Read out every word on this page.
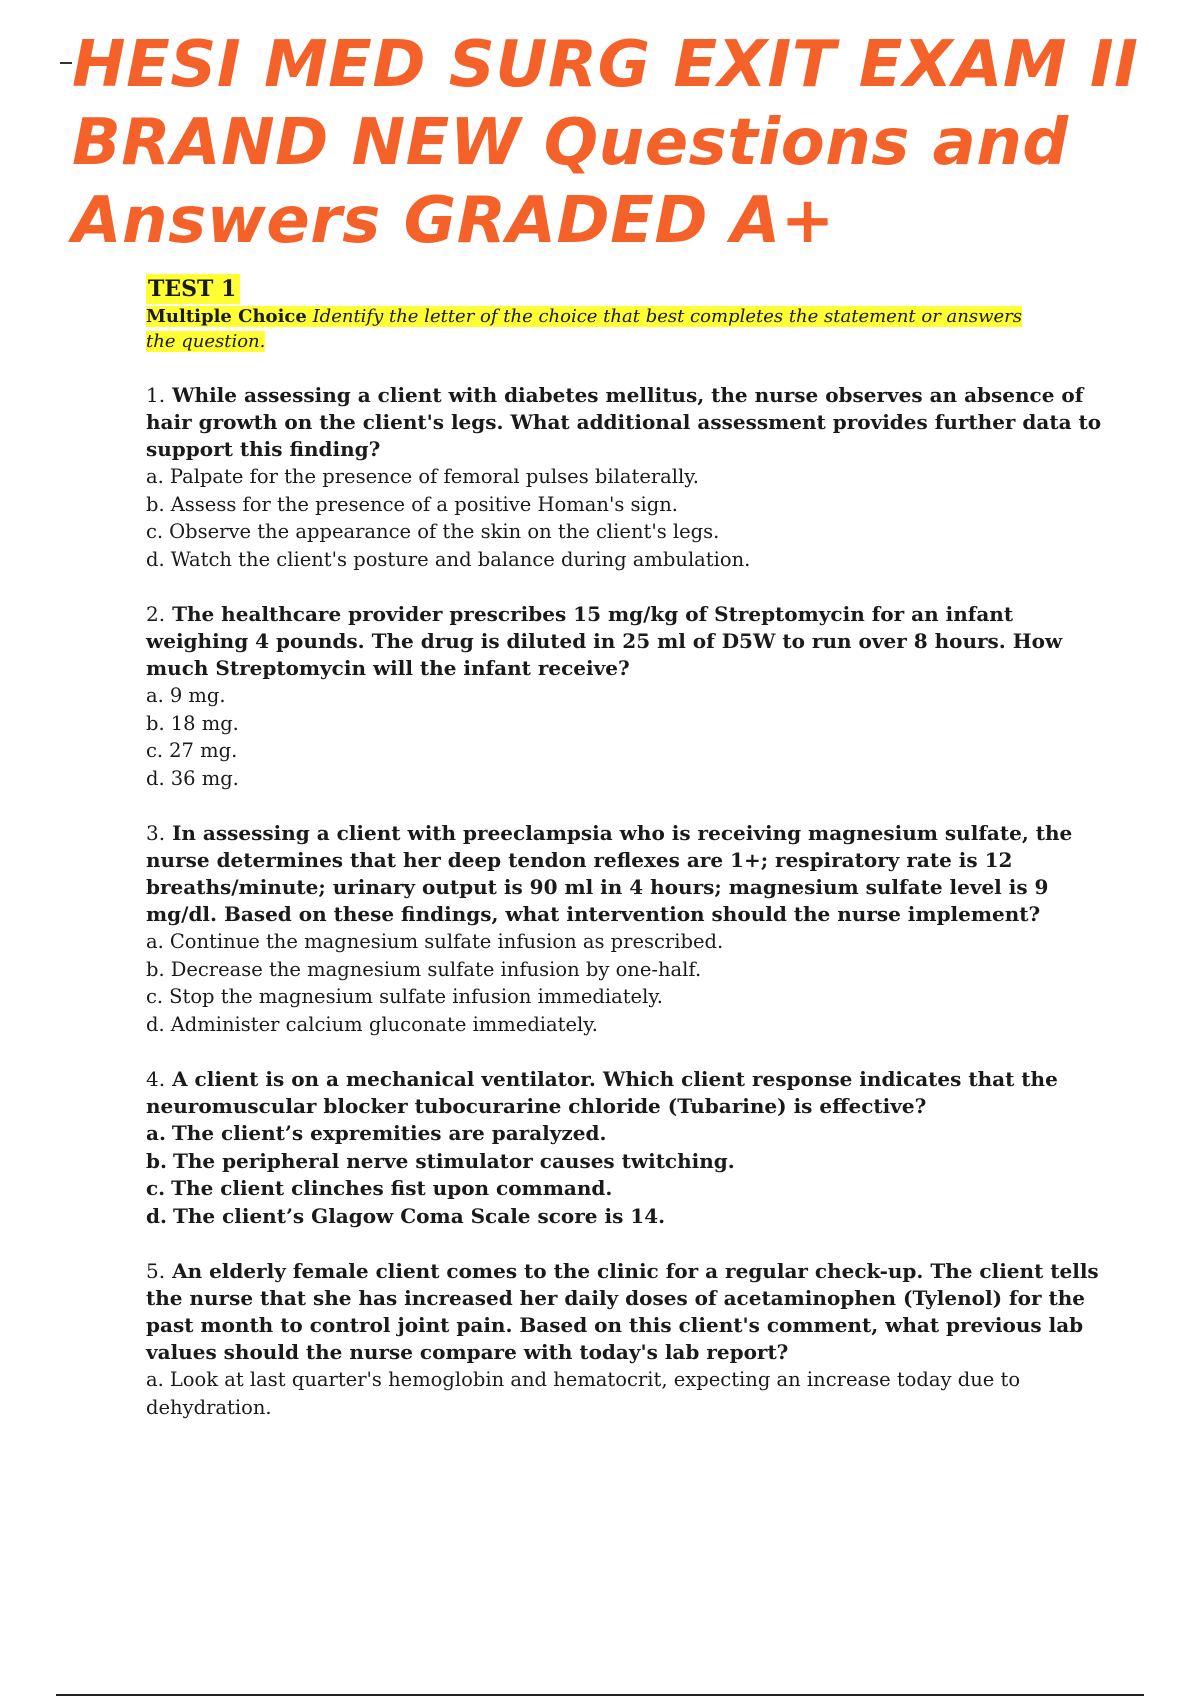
HESI MED SURG EXIT EXAM II
BRAND NEW Questions and
Answers GRADED A+
TEST 1
Multiple Choice Identify the letter of the choice that best completes the statement or answers the question.

1. While assessing a client with diabetes mellitus, the nurse observes an absence of hair growth on the client's legs. What additional assessment provides further data to support this finding?

a. Palpate for the presence of femoral pulses bilaterally.
b. Assess for the presence of a positive Homan's sign.
c. Observe the appearance of the skin on the client's legs.
d. Watch the client's posture and balance during ambulation.

2. The healthcare provider prescribes 15 mg/kg of Streptomycin for an infant weighing 4 pounds. The drug is diluted in 25 ml of D5W to run over 8 hours. How much Streptomycin will the infant receive?

a. 9 mg.
b. 18 mg.
c. 27 mg.
d. 36 mg.

3. In assessing a client with preeclampsia who is receiving magnesium sulfate, the nurse determines that her deep tendon reflexes are 1+; respiratory rate is 12 breaths/minute; urinary output is 90 ml in 4 hours; magnesium sulfate level is 9 mg/dl. Based on these findings, what intervention should the nurse implement?

a. Continue the magnesium sulfate infusion as prescribed.
b. Decrease the magnesium sulfate infusion by one-half.
c. Stop the magnesium sulfate infusion immediately.
d. Administer calcium gluconate immediately.

4. A client is on a mechanical ventilator. Which client response indicates that the neuromuscular blocker tubocurarine chloride (Tubarine) is effective?

a. The client’s expremities are paralyzed.
b. The peripheral nerve stimulator causes twitching.
c. The client clinches fist upon command.
d. The client’s Glagow Coma Scale score is 14.

5. An elderly female client comes to the clinic for a regular check-up. The client tells the nurse that she has increased her daily doses of acetaminophen (Tylenol) for the past month to control joint pain. Based on this client's comment, what previous lab values should the nurse compare with today's lab report?

a. Look at last quarter's hemoglobin and hematocrit, expecting an increase today due to dehydration.
